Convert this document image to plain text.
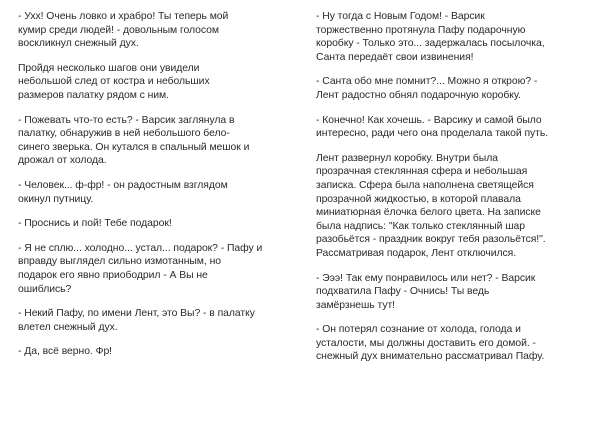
- Ухх! Очень ловко и храбро! Ты теперь мой
кумир среди людей! - довольным голосом
воскликнул снежный дух.

Пройдя несколько шагов они увидели
небольшой след от костра и небольших
размеров палатку рядом с ним.

- Пожевать что-то есть? - Варсик заглянула в
палатку, обнаружив в ней небольшого бело-
синего зверька. Он кутался в спальный мешок и
дрожал от холода.

- Человек... ф-фр! - он радостным взглядом
окинул путницу.

- Проснись и пой! Тебе подарок!

- Я не сплю... холодно... устал... подарок? - Пафу и
вправду выглядел сильно измотанным, но
подарок его явно приободрил - А Вы не
ошиблись?

- Некий Пафу, по имени Лент, это Вы? - в палатку
влетел снежный дух.

- Да, всё верно. Фр!

- Ну тогда с Новым Годом! - Варсик
торжественно протянула Пафу подарочную
коробку - Только это... задержалась посылочка,
Санта передаёт свои извинения!

- Санта обо мне помнит?... Можно я открою? -
Лент радостно обнял подарочную коробку.

- Конечно! Как хочешь. - Варсику и самой было
интересно, ради чего она проделала такой путь.

Лент развернул коробку. Внутри была
прозрачная стеклянная сфера и небольшая
записка. Сфера была наполнена светящейся
прозрачной жидкостью, в которой плавала
миниатюрная ёлочка белого цвета. На записке
была надпись: "Как только стеклянный шар
разобьётся - праздник вокруг тебя разольётся!".
Рассматривая подарок, Лент отключился.

- Эээ! Так ему понравилось или нет? - Варсик
подхватила Пафу - Очнись! Ты ведь
замёрзнешь тут!

- Он потерял сознание от холода, голода и
усталости, мы должны доставить его домой. -
снежный дух внимательно рассматривал Пафу.
